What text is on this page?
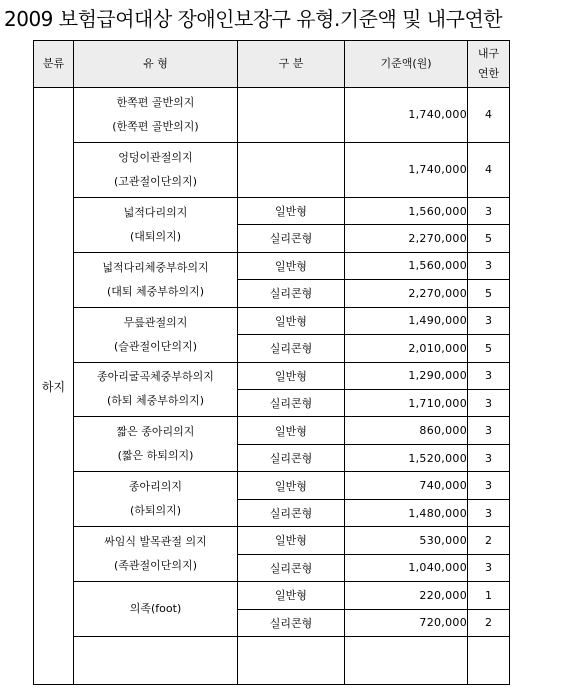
2009 보험급여대상 장애인보장구 유형.기준액 및 내구연한
분류	유 형	구 분	기준액(원)	내구
연한

하지	한쪽편 골반의지
(한쪽편 골반의지)		1,740,000	4

	엉덩이관절의지
(고관절이단의지)		1,740,000	4

	넓적다리의지
(대퇴의지)	일반형	1,560,000	3
		실리콘형	2,270,000	5

	넓적다리체중부하의지
(대퇴 체중부하의지)	일반형	1,560,000	3
		실리콘형	2,270,000	5

	무릎관절의지
(슬관절이단의지)	일반형	1,490,000	3
		실리콘형	2,010,000	5

	종아리굴곡체중부하의지
(하퇴 체중부하의지)	일반형	1,290,000	3
		실리콘형	1,710,000	3

	짧은 종아리의지
(짧은 하퇴의지)	일반형	860,000	3
		실리콘형	1,520,000	3

	종아리의지
(하퇴의지)	일반형	740,000	3
		실리콘형	1,480,000	3

	싸임식 발목관절 의지
(족관절이단의지)	일반형	530,000	2
		실리콘형	1,040,000	3

	의족(foot)	일반형	220,000	1
		실리콘형	720,000	2
